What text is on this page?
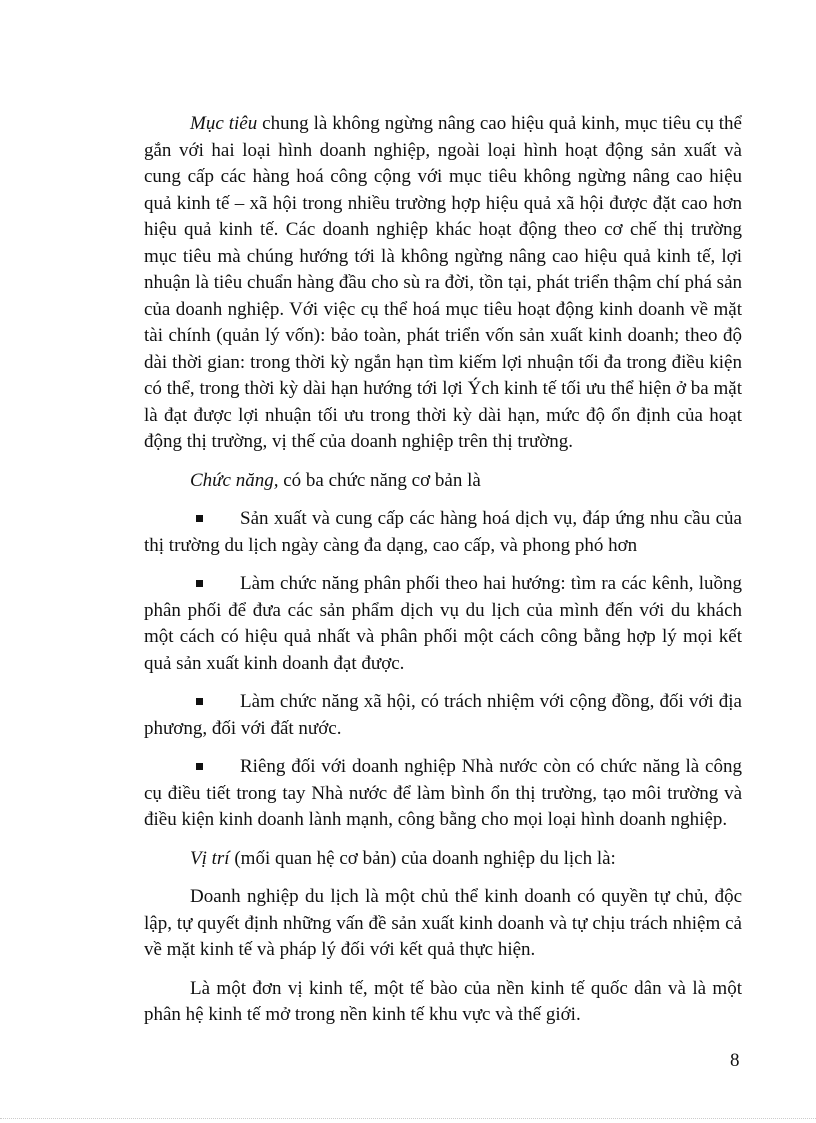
Mục tiêu chung là không ngừng nâng cao hiệu quả kinh, mục tiêu cụ thể gắn với hai loại hình doanh nghiệp, ngoài loại hình hoạt động sản xuất và cung cấp các hàng hoá công cộng với mục tiêu không ngừng nâng cao hiệu quả kinh tế – xã hội trong nhiều trường hợp hiệu quả xã hội được đặt cao hơn hiệu quả kinh tế. Các doanh nghiệp khác hoạt động theo cơ chế thị trường mục tiêu mà chúng hướng tới là không ngừng nâng cao hiệu quả kinh tế, lợi nhuận là tiêu chuẩn hàng đầu cho sù ra đời, tồn tại, phát triển thậm chí phá sản của doanh nghiệp. Với việc cụ thể hoá mục tiêu hoạt động kinh doanh về mặt tài chính (quản lý vốn): bảo toàn, phát triển vốn sản xuất kinh doanh; theo độ dài thời gian: trong thời kỳ ngắn hạn tìm kiếm lợi nhuận tối đa trong điều kiện có thể, trong thời kỳ dài hạn hướng tới lợi Ých kinh tế tối ưu thể hiện ở ba mặt là đạt được lợi nhuận tối ưu trong thời kỳ dài hạn, mức độ ổn định của hoạt động thị trường, vị thế của doanh nghiệp trên thị trường.

Chức năng, có ba chức năng cơ bản là

Sản xuất và cung cấp các hàng hoá dịch vụ, đáp ứng nhu cầu của thị trường du lịch ngày càng đa dạng, cao cấp, và phong phó hơn

Làm chức năng phân phối theo hai hướng: tìm ra các kênh, luồng phân phối để đưa các sản phẩm dịch vụ du lịch của mình đến với du khách một cách có hiệu quả nhất và phân phối một cách công bằng hợp lý mọi kết quả sản xuất kinh doanh đạt được.

Làm chức năng xã hội, có trách nhiệm với cộng đồng, đối với địa phương, đối với đất nước.

Riêng đối với doanh nghiệp Nhà nước còn có chức năng là công cụ điều tiết trong tay Nhà nước để làm bình ổn thị trường, tạo môi trường và điều kiện kinh doanh lành mạnh, công bằng cho mọi loại hình doanh nghiệp.

Vị trí (mối quan hệ cơ bản) của doanh nghiệp du lịch là:

Doanh nghiệp du lịch là một chủ thể kinh doanh có quyền tự chủ, độc lập, tự quyết định những vấn đề sản xuất kinh doanh và tự chịu trách nhiệm cả về mặt kinh tế và pháp lý đối với kết quả thực hiện.

Là một đơn vị kinh tế, một tế bào của nền kinh tế quốc dân và là một phân hệ kinh tế mở trong nền kinh tế khu vực và thế giới.

8
